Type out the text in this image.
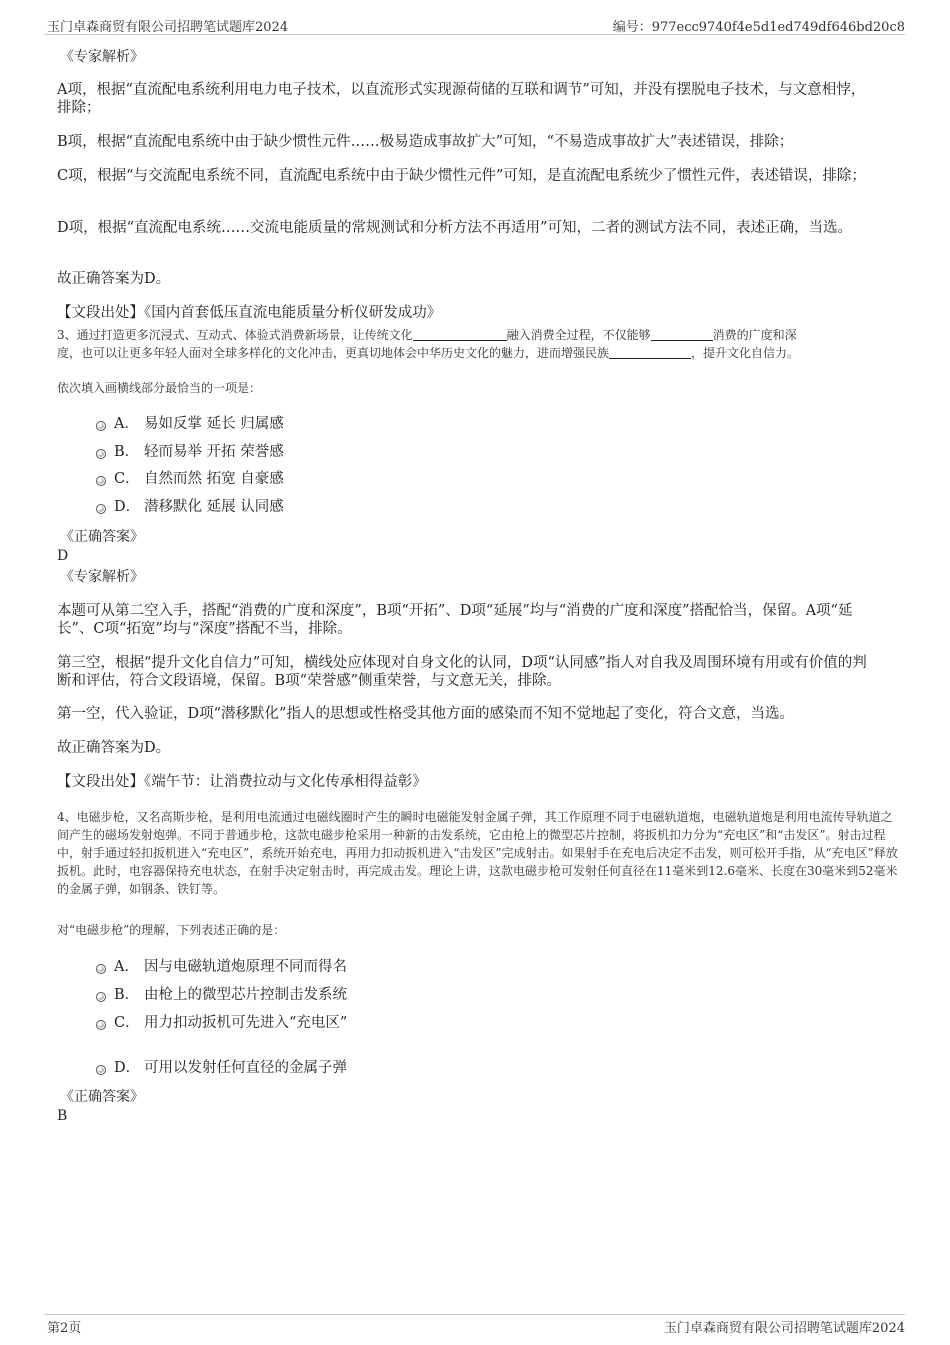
玉门卓森商贸有限公司招聘笔试题库2024	编号：977ecc9740f4e5d1ed749df646bd20c8
《专家解析》
A项，根据“直流配电系统利用电力电子技术，以直流形式实现源荷储的互联和调节”可知，并没有摆脱电子技术，与文意相悖，排除；
B项，根据“直流配电系统中由于缺少惯性元件……极易造成事故扩大”可知，“不易造成事故扩大”表述错误，排除；
C项，根据“与交流配电系统不同，直流配电系统中由于缺少惯性元件”可知，是直流配电系统少了惯性元件，表述错误，排除；
D项，根据“直流配电系统……交流电能质量的常规测试和分析方法不再适用”可知，二者的测试方法不同，表述正确，当选。
故正确答案为D。
【文段出处】《国内首套低压直流电能质量分析仪研发成功》
3、通过打造更多沉浸式、互动式、体验式消费新场景，让传统文化	融入消费全过程，不仅能够	消费的广度和深
度，也可以让更多年轻人面对全球多样化的文化冲击，更真切地体会中华历史文化的魅力，进而增强民族	，提升文化自信力。
依次填入画横线部分最恰当的一项是：
A． 易如反掌 延长 归属感
B． 轻而易举 开拓 荣誉感
C． 自然而然 拓宽 自豪感
D． 潜移默化 延展 认同感
《正确答案》
D
《专家解析》
本题可从第二空入手，搭配“消费的广度和深度”，B项“开拓”、D项“延展”均与“消费的广度和深度”搭配恰当，保留。A项“延长”、C项“拓宽”均与“深度”搭配不当，排除。
第三空，根据“提升文化自信力”可知，横线处应体现对自身文化的认同，D项“认同感”指人对自我及周围环境有用或有价值的判断和评估，符合文段语境，保留。B项“荣誉感”侧重荣誉，与文意无关，排除。
第一空，代入验证，D项“潜移默化”指人的思想或性格受其他方面的感染而不知不觉地起了变化，符合文意，当选。
故正确答案为D。
【文段出处】《端午节：让消费拉动与文化传承相得益彰》
4、电磁步枪，又名高斯步枪，是利用电流通过电磁线圈时产生的瞬时电磁能发射金属子弹，其工作原理不同于电磁轨道炮，电磁轨道炮是利用电流传导轨道之间产生的磁场发射炮弹。不同于普通步枪，这款电磁步枪采用一种新的击发系统，它由枪上的微型芯片控制，将扳机扣力分为“充电区”和“击发区”。射击过程中，射手通过轻扣扳机进入“充电区”，系统开始充电，再用力扣动扳机进入“击发区”完成射击。如果射手在充电后决定不击发，则可松开手指，从“充电区”释放扳机。此时，电容器保持充电状态，在射手决定射击时，再完成击发。理论上讲，这款电磁步枪可发射任何直径在11毫米到12.6毫米、长度在30毫米到52毫米的金属子弹，如钢条、铁钉等。
对“电磁步枪”的理解，下列表述正确的是：
A． 因与电磁轨道炮原理不同而得名
B． 由枪上的微型芯片控制击发系统
C． 用力扣动扳机可先进入“充电区”
D． 可用以发射任何直径的金属子弹
《正确答案》
B
第2页	玉门卓森商贸有限公司招聘笔试题库2024
